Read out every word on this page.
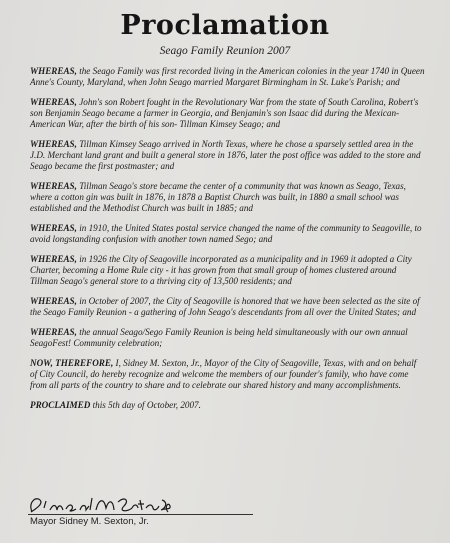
Proclamation
Seago Family Reunion 2007

WHEREAS, the Seago Family was first recorded living in the American colonies in the year 1740 in Queen Anne's County, Maryland, when John Seago married Margaret Birmingham in St. Luke's Parish; and

WHEREAS, John's son Robert fought in the Revolutionary War from the state of South Carolina, Robert's son Benjamin Seago became a farmer in Georgia, and Benjamin's son Isaac did during the Mexican-American War, after the birth of his son- Tillman Kimsey Seago; and

WHEREAS, Tillman Kimsey Seago arrived in North Texas, where he chose a sparsely settled area in the J.D. Merchant land grant and built a general store in 1876, later the post office was added to the store and Seago became the first postmaster; and

WHEREAS, Tillman Seago's store became the center of a community that was known as Seago, Texas, where a cotton gin was built in 1876, in 1878 a Baptist Church was built, in 1880 a small school was established and the Methodist Church was built in 1885; and

WHEREAS, in 1910, the United States postal service changed the name of the community to Seagoville, to avoid longstanding confusion with another town named Sego; and

WHEREAS, in 1926 the City of Seagoville incorporated as a municipality and in 1969 it adopted a City Charter, becoming a Home Rule city - it has grown from that small group of homes clustered around Tillman Seago's general store to a thriving city of 13,500 residents; and

WHEREAS, in October of 2007, the City of Seagoville is honored that we have been selected as the site of the Seago Family Reunion - a gathering of John Seago's descendants from all over the United States; and

WHEREAS, the annual Seago/Sego Family Reunion is being held simultaneously with our own annual SeagoFest! Community celebration;

NOW, THEREFORE, I, Sidney M. Sexton, Jr., Mayor of the City of Seagoville, Texas, with and on behalf of City Council, do hereby recognize and welcome the members of our founder's family, who have come from all parts of the country to share and to celebrate our shared history and many accomplishments.

PROCLAIMED this 5th day of October, 2007.

Mayor Sidney M. Sexton, Jr.
